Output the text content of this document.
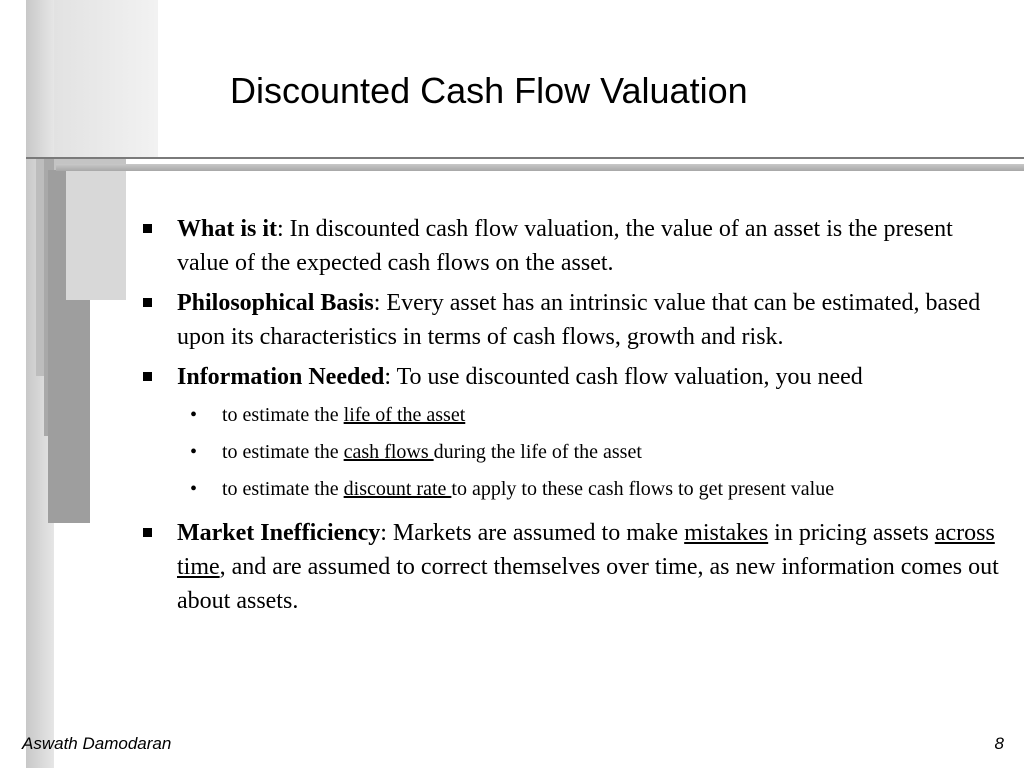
Discounted Cash Flow Valuation
What is it: In discounted cash flow valuation, the value of an asset is the present value of the expected cash flows on the asset.
Philosophical Basis: Every asset has an intrinsic value that can be estimated, based upon its characteristics in terms of cash flows, growth and risk.
Information Needed: To use discounted cash flow valuation, you need
• to estimate the life of the asset
• to estimate the cash flows during the life of the asset
• to estimate the discount rate to apply to these cash flows to get present value
Market Inefficiency: Markets are assumed to make mistakes in pricing assets across time, and are assumed to correct themselves over time, as new information comes out about assets.
Aswath Damodaran	8
